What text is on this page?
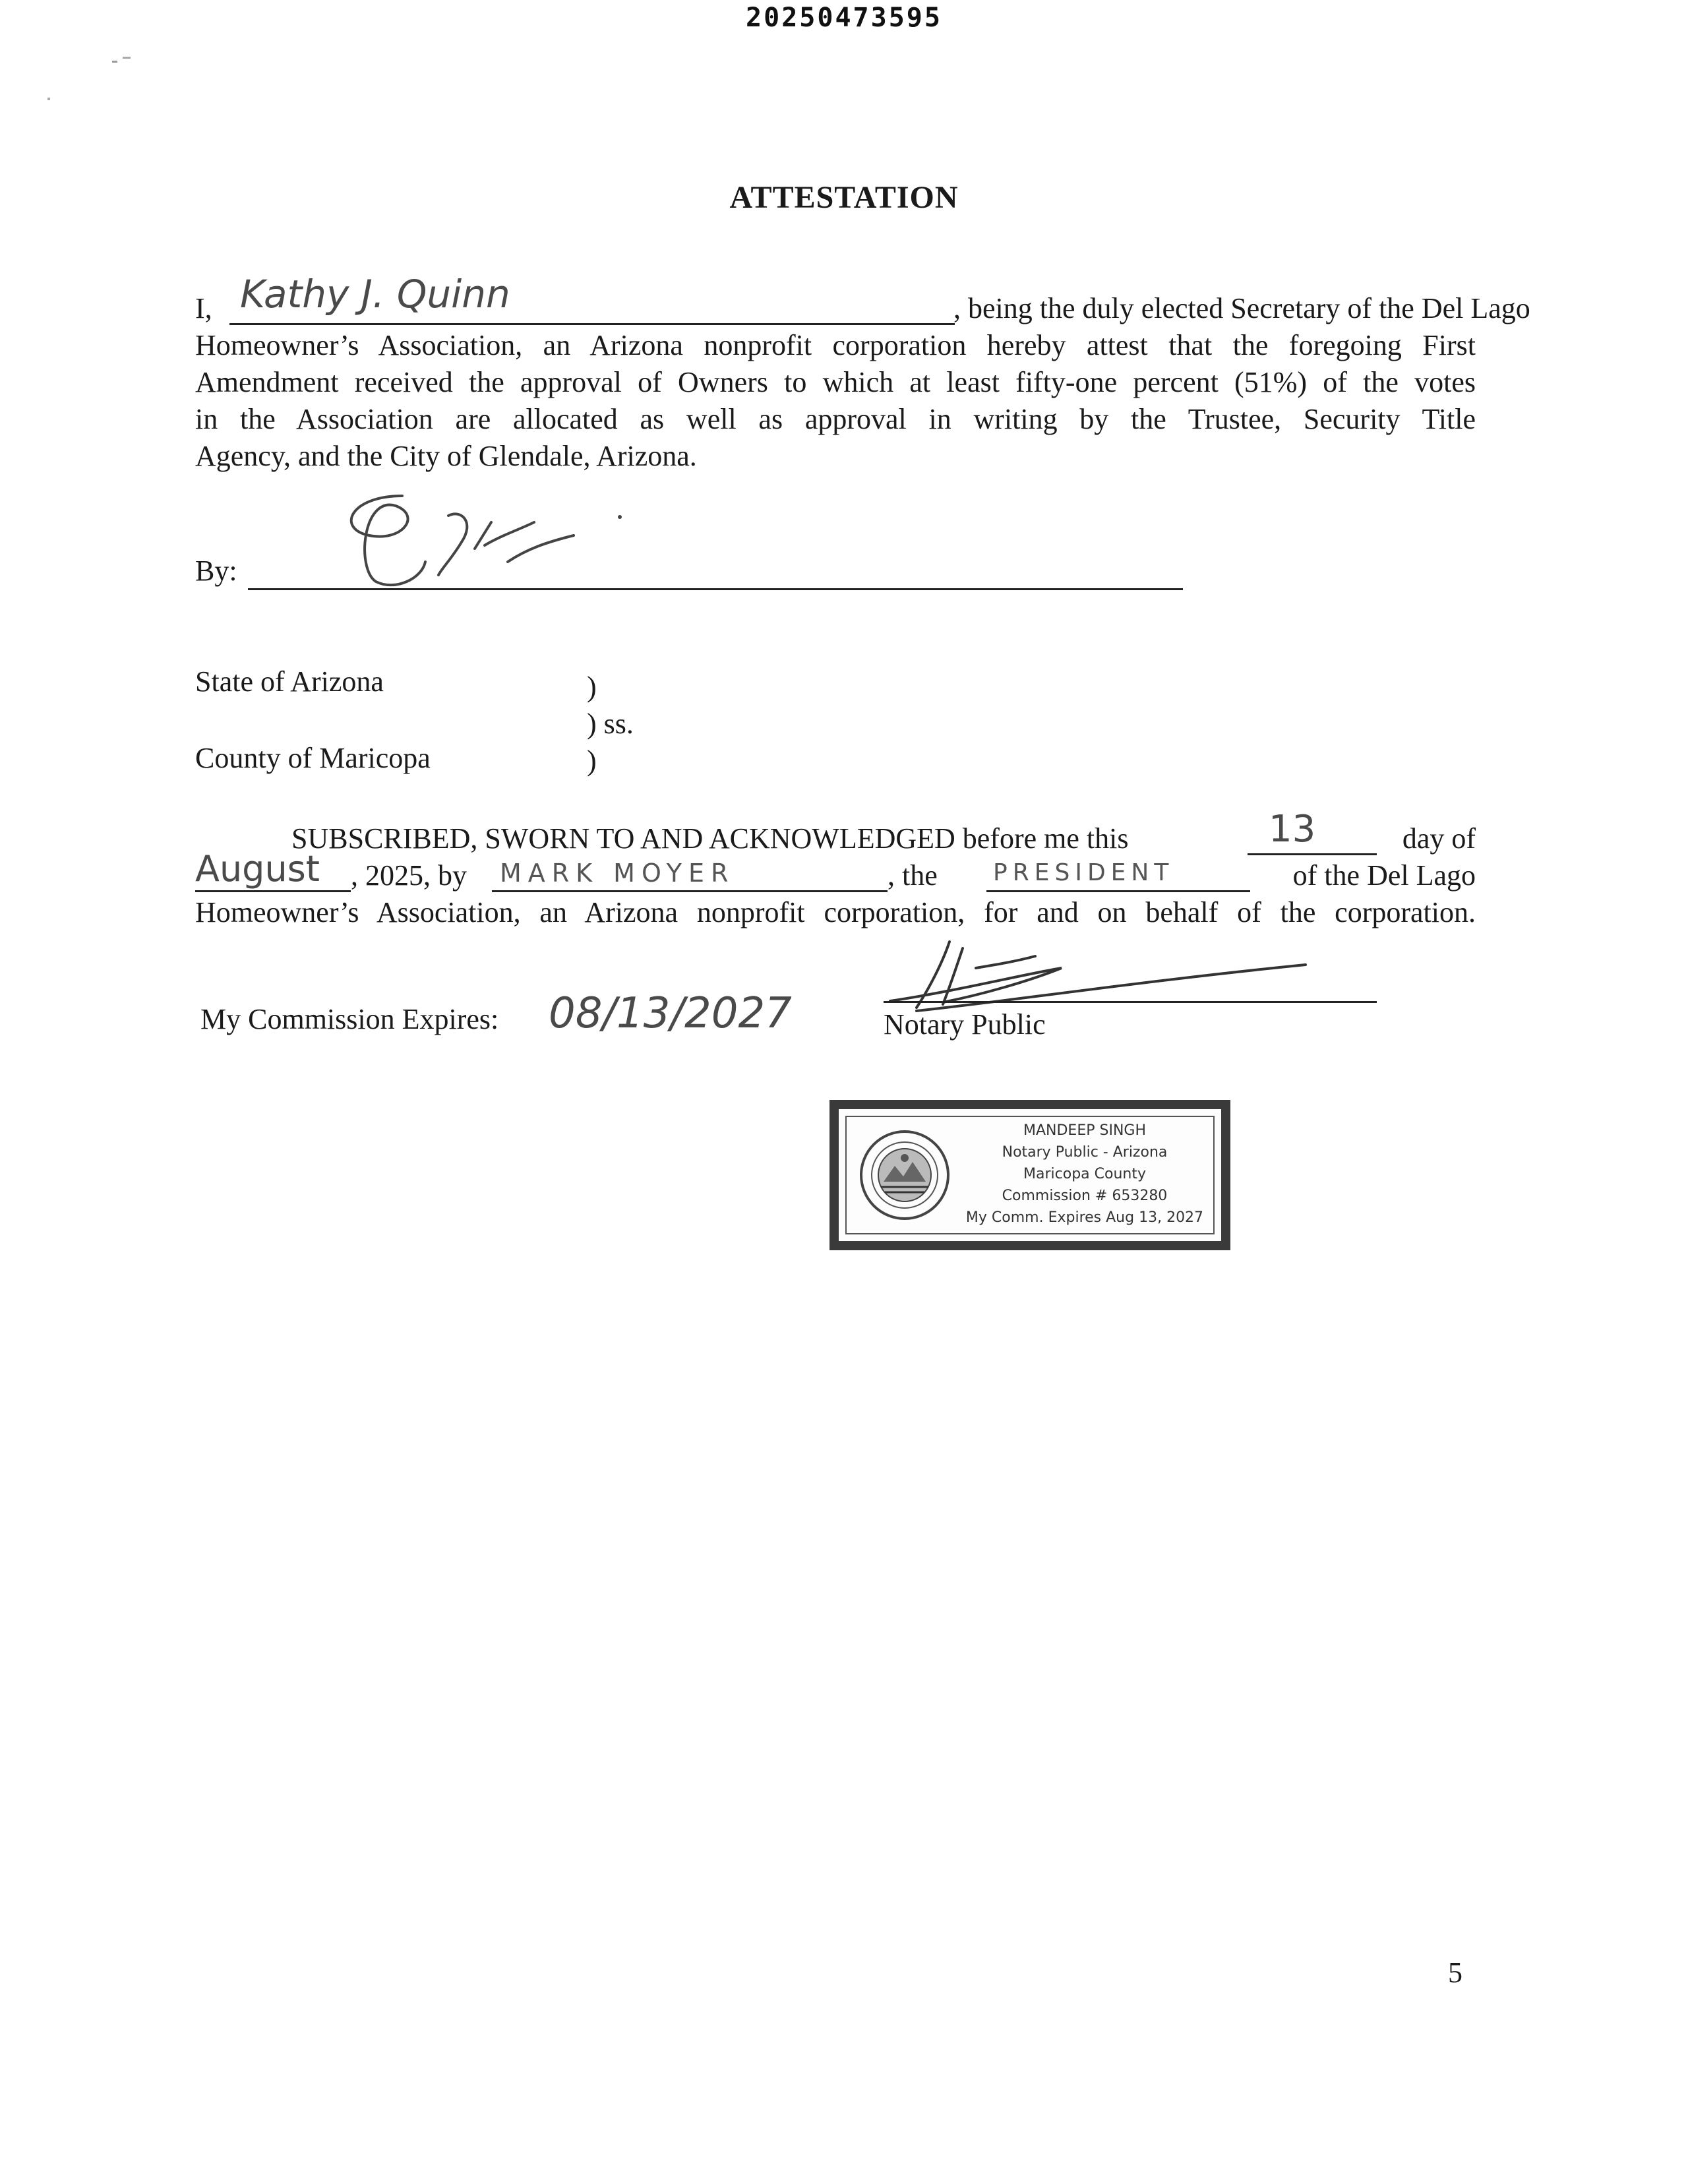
20250473595
ATTESTATION
I, Kathy J. Quinn	, being the duly elected Secretary of the Del Lago
Homeowner’s Association, an Arizona nonprofit corporation hereby attest that the foregoing First
Amendment received the approval of Owners to which at least fifty-one percent (51%) of the votes
in the Association are allocated as well as approval in writing by the Trustee, Security Title
Agency, and the City of Glendale, Arizona.
By:
State of Arizona	)
) ss.
County of Maricopa	)
SUBSCRIBED, SWORN TO AND ACKNOWLEDGED before me this	13	day of
August , 2025, by MARK MOYER	, the PRESIDENT	of the Del Lago
Homeowner’s Association, an Arizona nonprofit corporation, for and on behalf of the corporation.
My Commission Expires: 08/13/2027	Notary Public
MANDEEP SINGH
Notary Public - Arizona
Maricopa County
Commission # 653280
My Comm. Expires Aug 13, 2027
5
